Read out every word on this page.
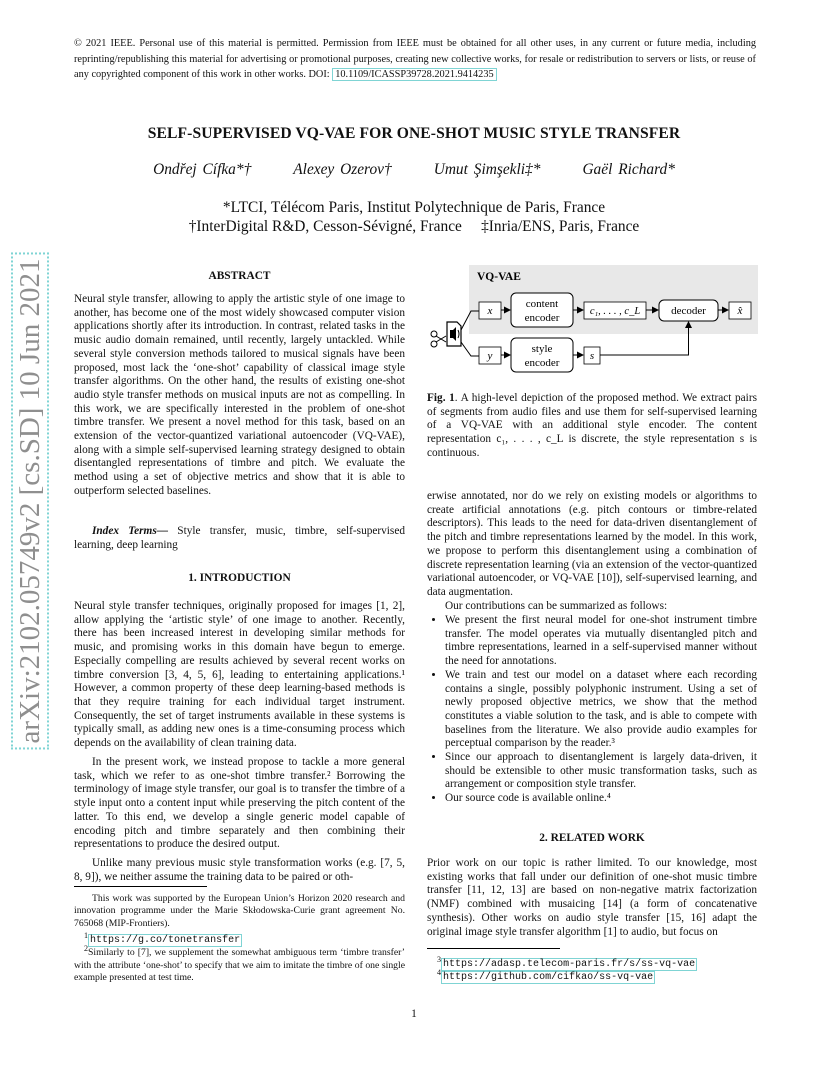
© 2021 IEEE. Personal use of this material is permitted. Permission from IEEE must be obtained for all other uses, in any current or future media, including reprinting/republishing this material for advertising or promotional purposes, creating new collective works, for resale or redistribution to servers or lists, or reuse of any copyrighted component of this work in other works. DOI: 10.1109/ICASSP39728.2021.9414235
arXiv:2102.05749v2 [cs.SD] 10 Jun 2021
SELF-SUPERVISED VQ-VAE FOR ONE-SHOT MUSIC STYLE TRANSFER
Ondřej Cífka*†	Alexey Ozerov†	Umut Şimşekli‡*	Gaël Richard*
*LTCI, Télécom Paris, Institut Polytechnique de Paris, France
†InterDigital R&D, Cesson-Sévigné, France ‡Inria/ENS, Paris, France
ABSTRACT
Neural style transfer, allowing to apply the artistic style of one image to another, has become one of the most widely showcased computer vision applications shortly after its introduction. In contrast, related tasks in the music audio domain remained, until recently, largely untackled. While several style conversion methods tailored to musical signals have been proposed, most lack the ‘one-shot’ capability of classical image style transfer algorithms. On the other hand, the results of existing one-shot audio style transfer methods on musical inputs are not as compelling. In this work, we are specifically interested in the problem of one-shot timbre transfer. We present a novel method for this task, based on an extension of the vector-quantized variational autoencoder (VQ-VAE), along with a simple self-supervised learning strategy designed to obtain disentangled representations of timbre and pitch. We evaluate the method using a set of objective metrics and show that it is able to outperform selected baselines.
Index Terms— Style transfer, music, timbre, self-supervised learning, deep learning
1. INTRODUCTION
Neural style transfer techniques, originally proposed for images [1, 2], allow applying the ‘artistic style’ of one image to another. Recently, there has been increased interest in developing similar methods for music, and promising works in this domain have begun to emerge. Especially compelling are results achieved by several recent works on timbre conversion [3, 4, 5, 6], leading to entertaining applications.¹ However, a common property of these deep learning-based methods is that they require training for each individual target instrument. Consequently, the set of target instruments available in these systems is typically small, as adding new ones is a time-consuming process which depends on the availability of clean training data.
In the present work, we instead propose to tackle a more general task, which we refer to as one-shot timbre transfer.² Borrowing the terminology of image style transfer, our goal is to transfer the timbre of a style input onto a content input while preserving the pitch content of the latter. To this end, we develop a single generic model capable of encoding pitch and timbre separately and then combining their representations to produce the desired output.
Unlike many previous music style transformation works (e.g. [7, 5, 8, 9]), we neither assume the training data to be paired or oth-
This work was supported by the European Union’s Horizon 2020 research and innovation programme under the Marie Skłodowska-Curie grant agreement No. 765068 (MIP-Frontiers).
$^1$ https://g.co/tonetransfer
$^2$Similarly to [7], we supplement the somewhat ambiguous term ‘timbre transfer’ with the attribute ‘one-shot’ to specify that we aim to imitate the timbre of one single example presented at test time.
VQ-VAE
x
content encoder
c₁, . . . , c_L	decoder	x̂
y
style encoder
s
Fig. 1. A high-level depiction of the proposed method. We extract pairs of segments from audio files and use them for self-supervised learning of a VQ-VAE with an additional style encoder. The content representation c₁, . . . , c_L is discrete, the style representation s is continuous.
erwise annotated, nor do we rely on existing models or algorithms to create artificial annotations (e.g. pitch contours or timbre-related descriptors). This leads to the need for data-driven disentanglement of the pitch and timbre representations learned by the model. In this work, we propose to perform this disentanglement using a combination of discrete representation learning (via an extension of the vector-quantized variational autoencoder, or VQ-VAE [10]), self-supervised learning, and data augmentation.
Our contributions can be summarized as follows:
• We present the first neural model for one-shot instrument timbre transfer. The model operates via mutually disentangled pitch and timbre representations, learned in a self-supervised manner without the need for annotations.
• We train and test our model on a dataset where each recording contains a single, possibly polyphonic instrument. Using a set of newly proposed objective metrics, we show that the method constitutes a viable solution to the task, and is able to compete with baselines from the literature. We also provide audio examples for perceptual comparison by the reader.³
• Since our approach to disentanglement is largely data-driven, it should be extensible to other music transformation tasks, such as arrangement or composition style transfer.
• Our source code is available online.⁴
2. RELATED WORK
Prior work on our topic is rather limited. To our knowledge, most existing works that fall under our definition of one-shot music timbre transfer [11, 12, 13] are based on non-negative matrix factorization (NMF) combined with musaicing [14] (a form of concatenative synthesis). Other works on audio style transfer [15, 16] adapt the original image style transfer algorithm [1] to audio, but focus on
$^3$ https://adasp.telecom-paris.fr/s/ss-vq-vae
$^4$ https://github.com/cifkao/ss-vq-vae
1
